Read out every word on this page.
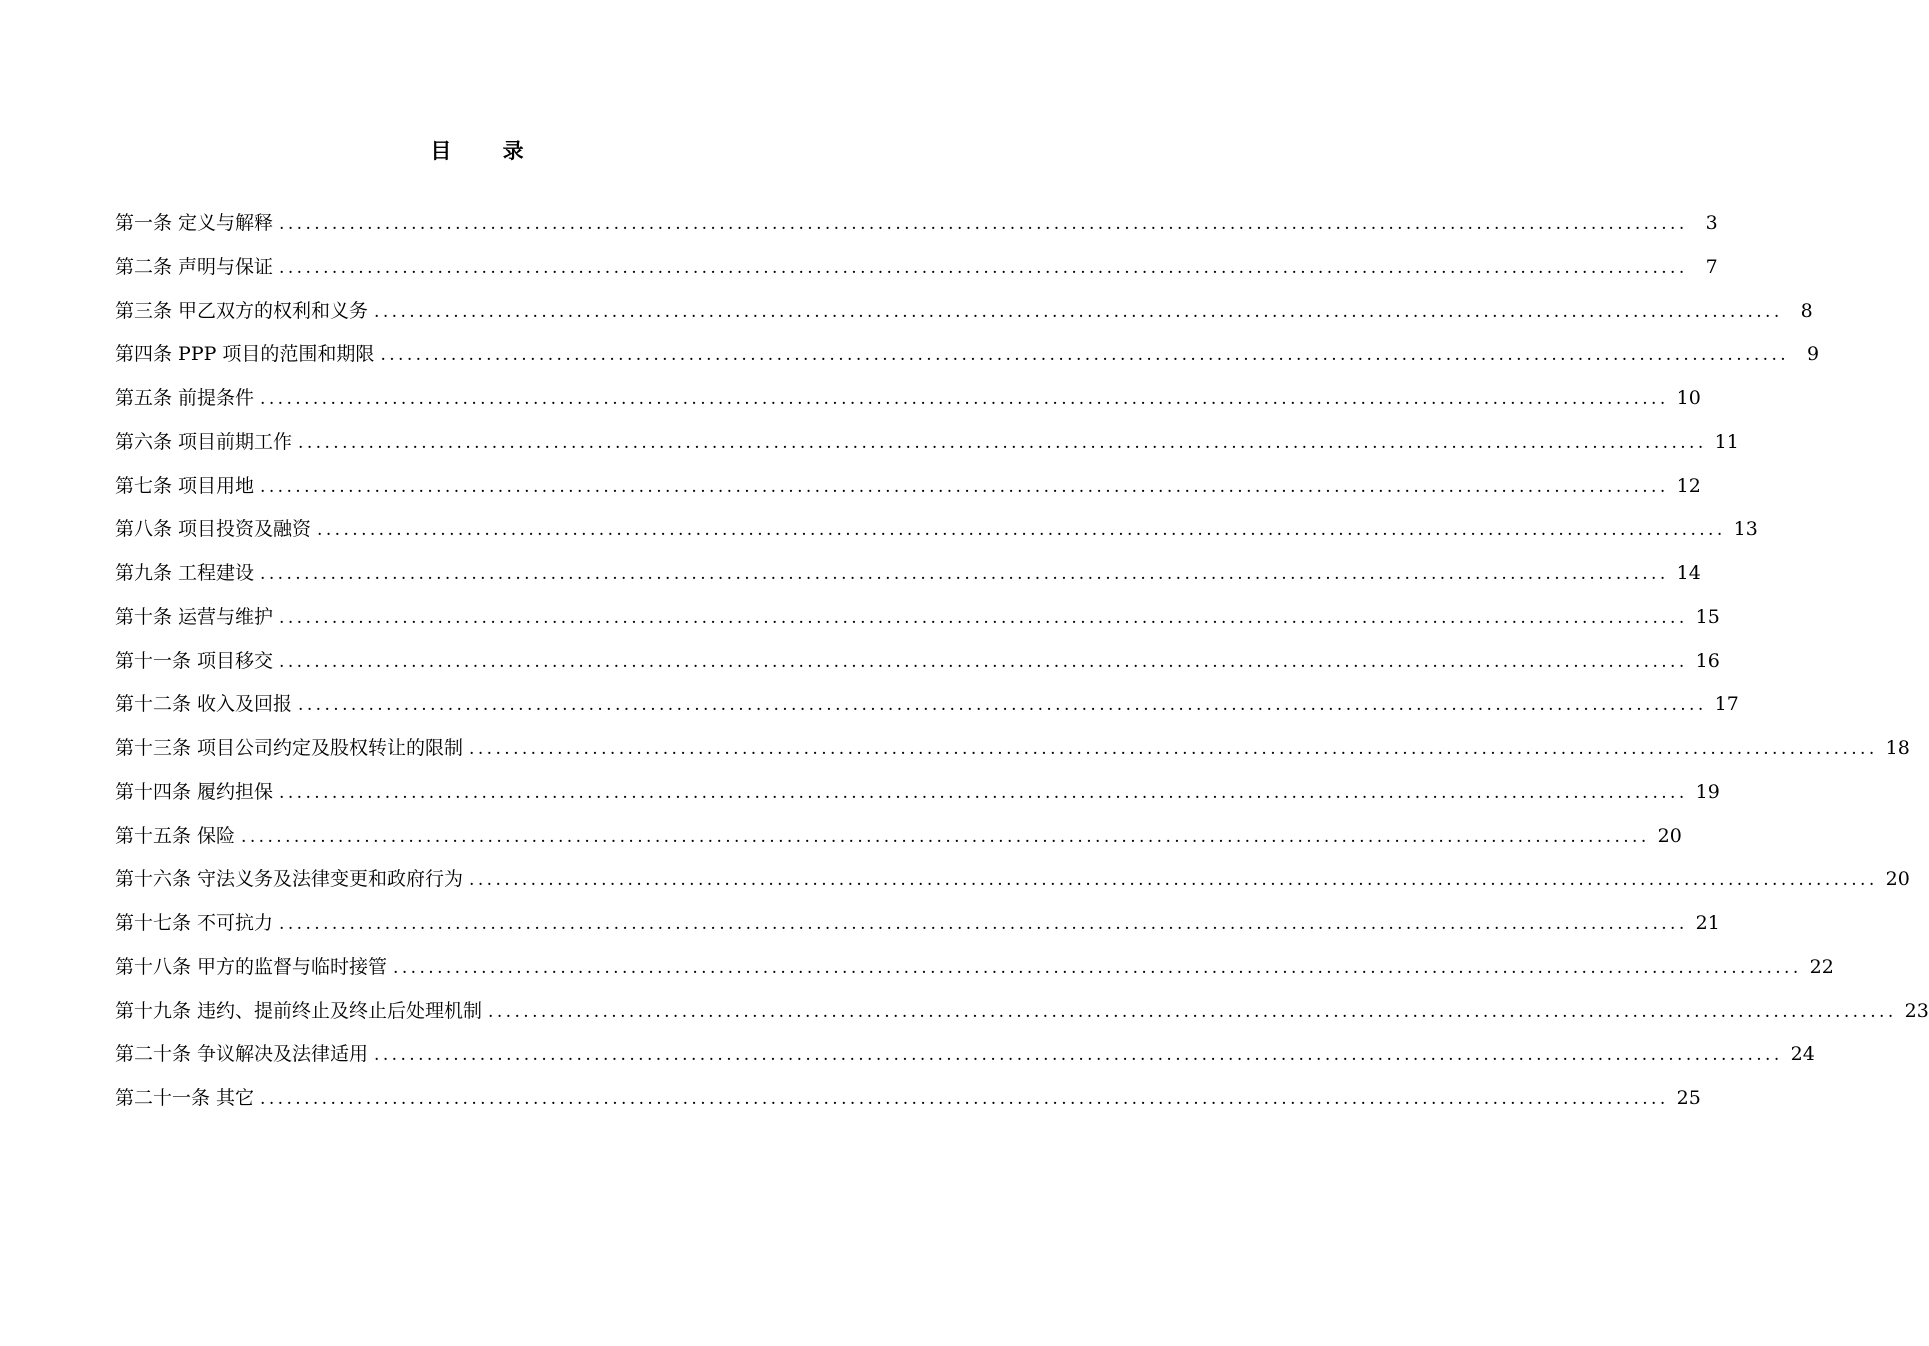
目 录
第一条 定义与解释 ................................................................................................................................................................ 3
第二条 声明与保证 ................................................................................................................................................................ 7
第三条 甲乙双方的权利和义务 ................................................................................................................................................................ 8
第四条 PPP 项目的范围和期限 ................................................................................................................................................................ 9
第五条 前提条件 ................................................................................................................................................................ 10
第六条 项目前期工作 ................................................................................................................................................................ 11
第七条 项目用地 ................................................................................................................................................................ 12
第八条 项目投资及融资 ................................................................................................................................................................ 13
第九条 工程建设 ................................................................................................................................................................ 14
第十条 运营与维护 ................................................................................................................................................................ 15
第十一条 项目移交 ................................................................................................................................................................ 16
第十二条 收入及回报 ................................................................................................................................................................ 17
第十三条 项目公司约定及股权转让的限制 ................................................................................................................................................................ 18
第十四条 履约担保 ................................................................................................................................................................ 19
第十五条 保险 ................................................................................................................................................................ 20
第十六条 守法义务及法律变更和政府行为 ................................................................................................................................................................ 20
第十七条 不可抗力 ................................................................................................................................................................ 21
第十八条 甲方的监督与临时接管 ................................................................................................................................................................ 22
第十九条 违约、提前终止及终止后处理机制 ................................................................................................................................................................ 23
第二十条 争议解决及法律适用 ................................................................................................................................................................ 24
第二十一条 其它 ................................................................................................................................................................ 25
